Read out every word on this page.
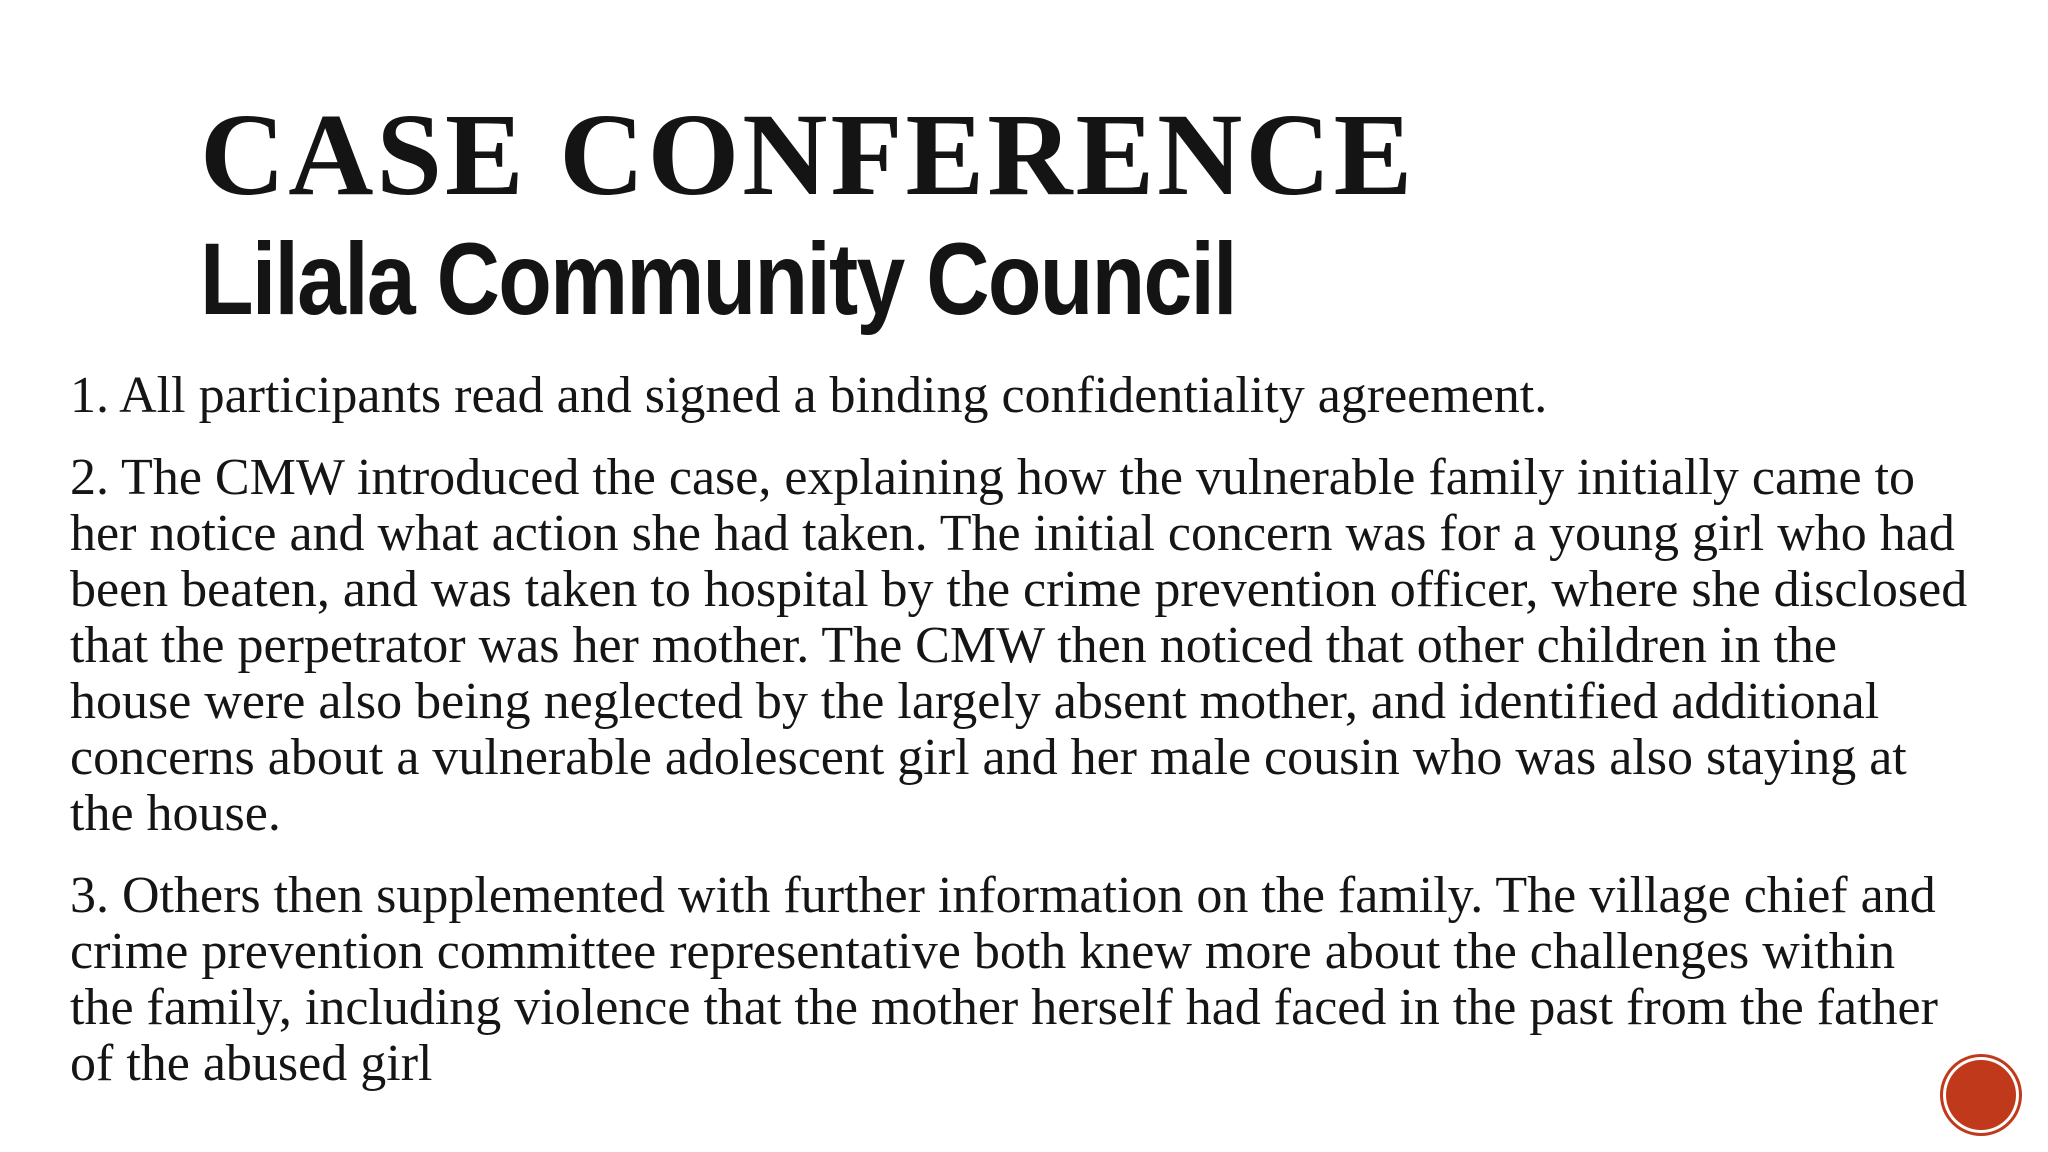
CASE CONFERENCE
Lilala Community Council

1. All participants read and signed a binding confidentiality agreement.

2. The CMW introduced the case, explaining how the vulnerable family initially came to her notice and what action she had taken. The initial concern was for a young girl who had been beaten, and was taken to hospital by the crime prevention officer, where she disclosed that the perpetrator was her mother. The CMW then noticed that other children in the house were also being neglected by the largely absent mother, and identified additional concerns about a vulnerable adolescent girl and her male cousin who was also staying at the house.

3. Others then supplemented with further information on the family. The village chief and crime prevention committee representative both knew more about the challenges within the family, including violence that the mother herself had faced in the past from the father of the abused girl
